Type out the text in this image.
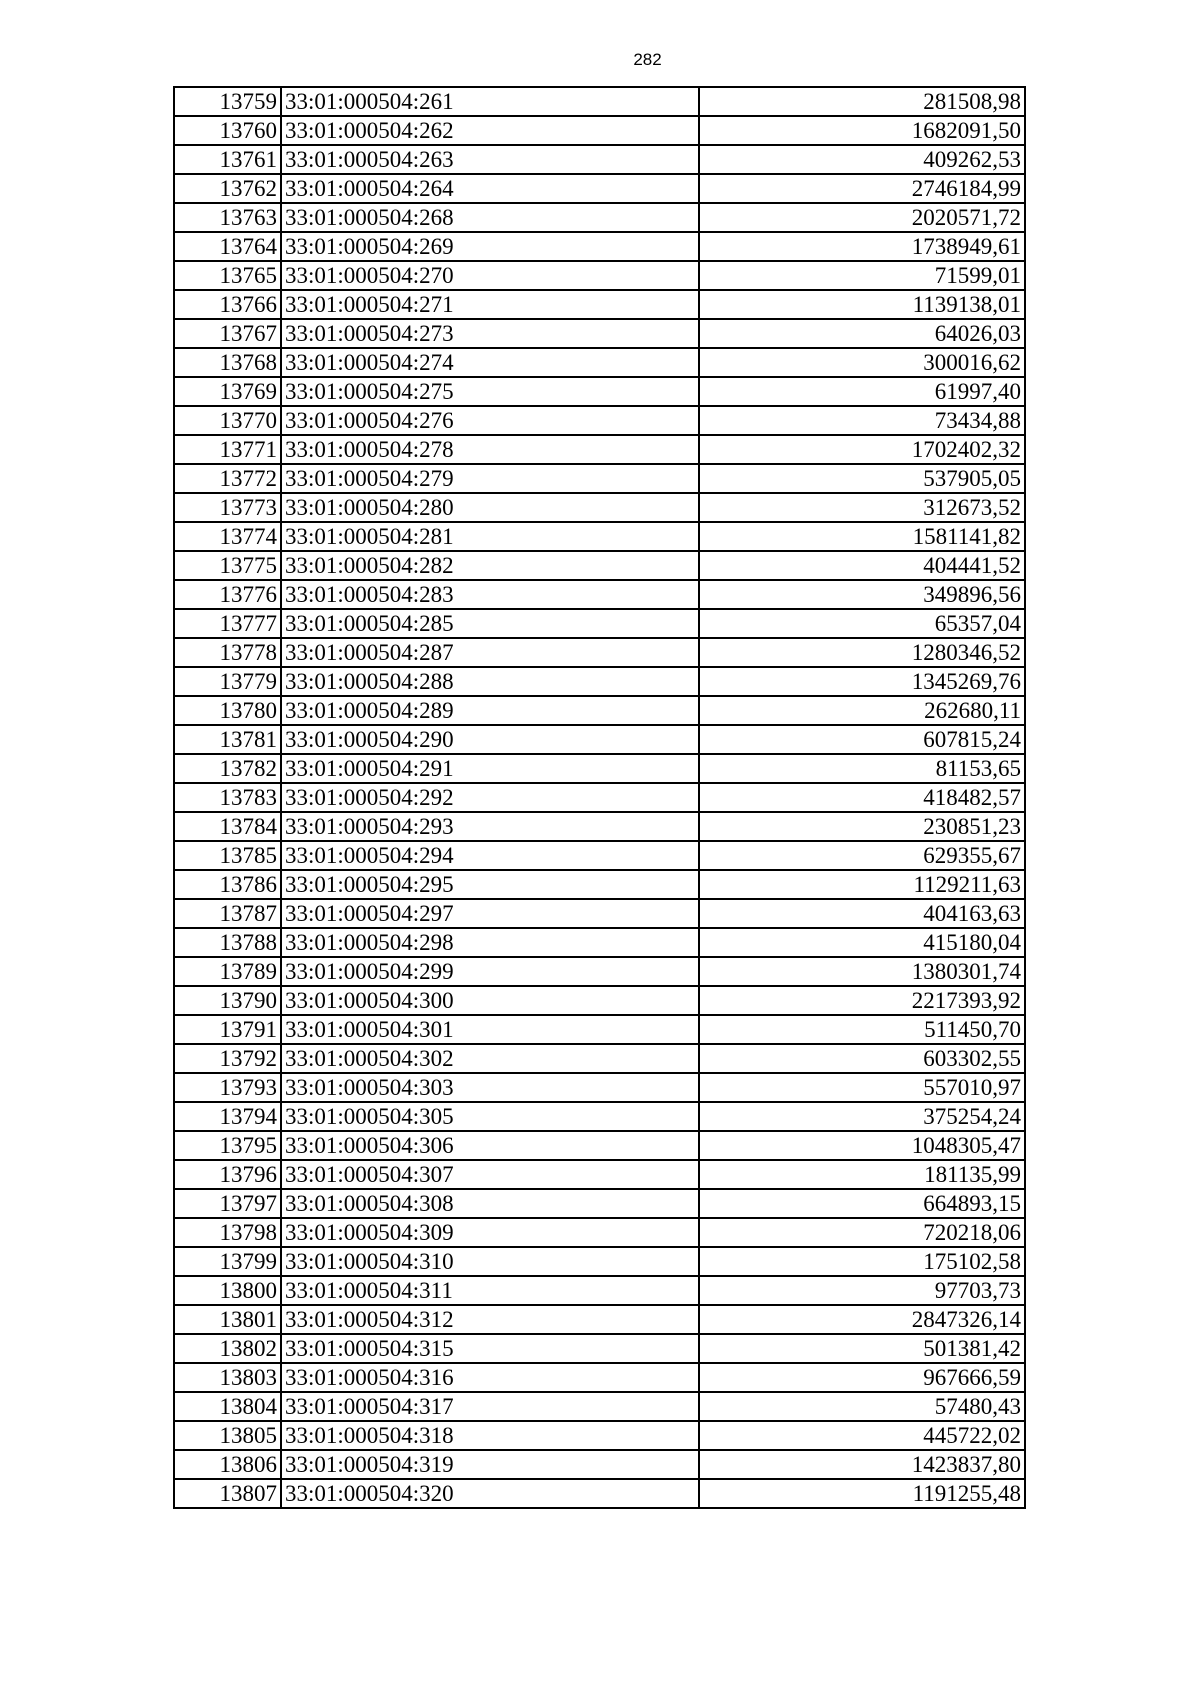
282
13759	33:01:000504:261	281508,98
13760	33:01:000504:262	1682091,50
13761	33:01:000504:263	409262,53
13762	33:01:000504:264	2746184,99
13763	33:01:000504:268	2020571,72
13764	33:01:000504:269	1738949,61
13765	33:01:000504:270	71599,01
13766	33:01:000504:271	1139138,01
13767	33:01:000504:273	64026,03
13768	33:01:000504:274	300016,62
13769	33:01:000504:275	61997,40
13770	33:01:000504:276	73434,88
13771	33:01:000504:278	1702402,32
13772	33:01:000504:279	537905,05
13773	33:01:000504:280	312673,52
13774	33:01:000504:281	1581141,82
13775	33:01:000504:282	404441,52
13776	33:01:000504:283	349896,56
13777	33:01:000504:285	65357,04
13778	33:01:000504:287	1280346,52
13779	33:01:000504:288	1345269,76
13780	33:01:000504:289	262680,11
13781	33:01:000504:290	607815,24
13782	33:01:000504:291	81153,65
13783	33:01:000504:292	418482,57
13784	33:01:000504:293	230851,23
13785	33:01:000504:294	629355,67
13786	33:01:000504:295	1129211,63
13787	33:01:000504:297	404163,63
13788	33:01:000504:298	415180,04
13789	33:01:000504:299	1380301,74
13790	33:01:000504:300	2217393,92
13791	33:01:000504:301	511450,70
13792	33:01:000504:302	603302,55
13793	33:01:000504:303	557010,97
13794	33:01:000504:305	375254,24
13795	33:01:000504:306	1048305,47
13796	33:01:000504:307	181135,99
13797	33:01:000504:308	664893,15
13798	33:01:000504:309	720218,06
13799	33:01:000504:310	175102,58
13800	33:01:000504:311	97703,73
13801	33:01:000504:312	2847326,14
13802	33:01:000504:315	501381,42
13803	33:01:000504:316	967666,59
13804	33:01:000504:317	57480,43
13805	33:01:000504:318	445722,02
13806	33:01:000504:319	1423837,80
13807	33:01:000504:320	1191255,48
